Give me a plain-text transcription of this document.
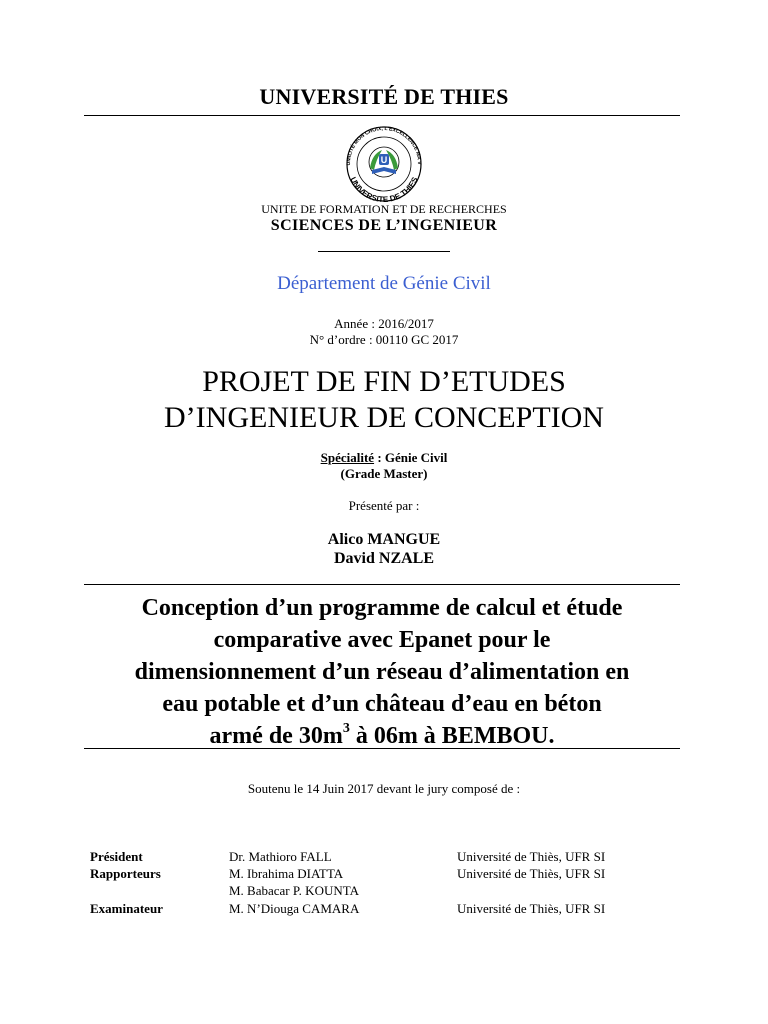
UNIVERSITÉ DE THIES
UMILITÉ MON CHOIX, L'EXCELLENCE MA V
UNIVERSITE DE THIES
U
UNITE DE FORMATION ET DE RECHERCHES
SCIENCES DE L’INGENIEUR
Département de Génie Civil
Année : 2016/2017
N° d’ordre : 00110 GC 2017
PROJET DE FIN D’ETUDES
D’INGENIEUR DE CONCEPTION
Spécialité : Génie Civil
(Grade Master)
Présenté par :
Alico MANGUE
David NZALE
Conception d’un programme de calcul et étude
comparative avec Epanet pour le
dimensionnement d’un réseau d’alimentation en
eau potable et d’un château d’eau en béton
armé de $30m^3$ à 06m à BEMBOU.
Soutenu le 14 Juin 2017 devant le jury composé de :
Président	Dr. Mathioro FALL	Université de Thiès, UFR SI
Rapporteurs	M. Ibrahima DIATTA	Université de Thiès, UFR SI
M. Babacar P. KOUNTA
Examinateur	M. N’Diouga CAMARA	Université de Thiès, UFR SI
